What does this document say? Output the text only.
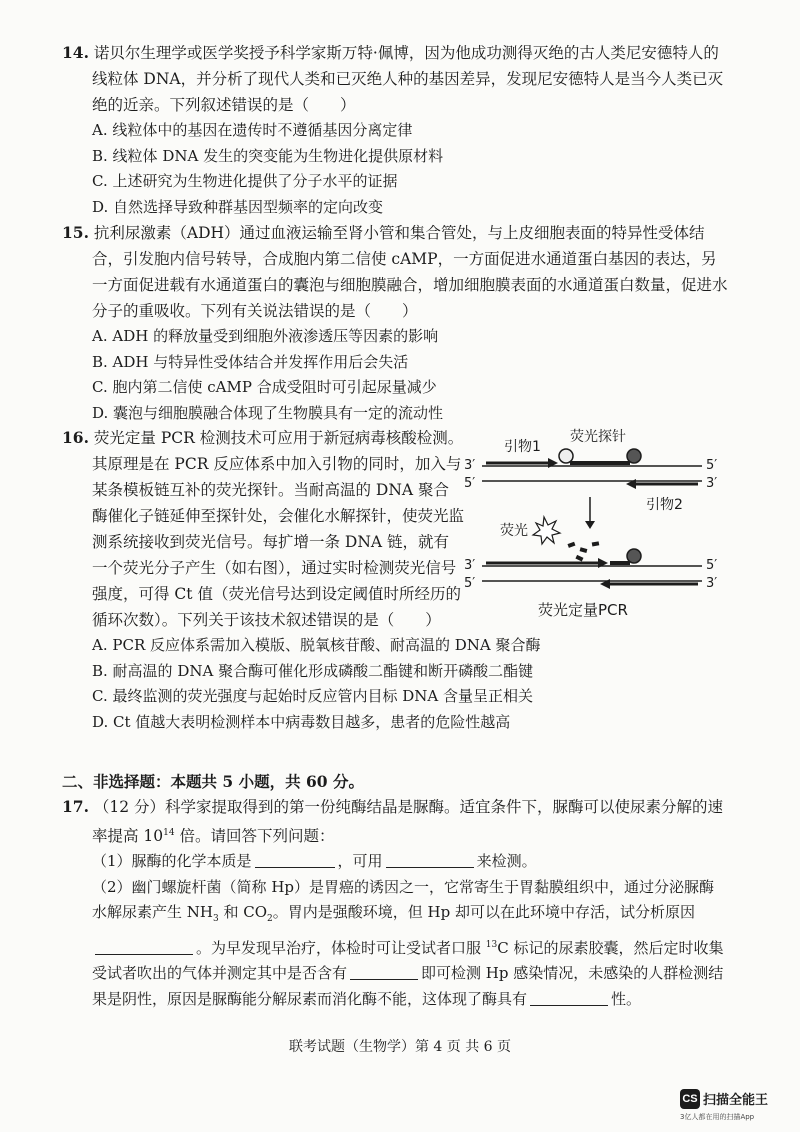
14. 诺贝尔生理学或医学奖授予科学家斯万特·佩博，因为他成功测得灭绝的古人类尼安德特人的线粒体 DNA，并分析了现代人类和已灭绝人种的基因差异，发现尼安德特人是当今人类已灭绝的近亲。下列叙述错误的是（　　）
A. 线粒体中的基因在遗传时不遵循基因分离定律
B. 线粒体 DNA 发生的突变能为生物进化提供原材料
C. 上述研究为生物进化提供了分子水平的证据
D. 自然选择导致种群基因型频率的定向改变
15. 抗利尿激素（ADH）通过血液运输至肾小管和集合管处，与上皮细胞表面的特异性受体结合，引发胞内信号转导，合成胞内第二信使 cAMP，一方面促进水通道蛋白基因的表达，另一方面促进载有水通道蛋白的囊泡与细胞膜融合，增加细胞膜表面的水通道蛋白数量，促进水分子的重吸收。下列有关说法错误的是（　　）
A. ADH 的释放量受到细胞外液渗透压等因素的影响
B. ADH 与特异性受体结合并发挥作用后会失活
C. 胞内第二信使 cAMP 合成受阻时可引起尿量减少
D. 囊泡与细胞膜融合体现了生物膜具有一定的流动性
16. 荧光定量 PCR 检测技术可应用于新冠病毒核酸检测。其原理是在 PCR 反应体系中加入引物的同时，加入与某条模板链互补的荧光探针。当耐高温的 DNA 聚合酶催化子链延伸至探针处，会催化水解探针，使荧光监测系统接收到荧光信号。每扩增一条 DNA 链，就有一个荧光分子产生（如右图），通过实时检测荧光信号强度，可得 Ct 值（荧光信号达到设定阈值时所经历的循环次数）。下列关于该技术叙述错误的是（　　）
A. PCR 反应体系需加入模版、脱氧核苷酸、耐高温的 DNA 聚合酶
B. 耐高温的 DNA 聚合酶可催化形成磷酸二酯键和断开磷酸二酯键
C. 最终监测的荧光强度与起始时反应管内目标 DNA 含量呈正相关
D. Ct 值越大表明检测样本中病毒数目越多，患者的危险性越高
引物1
荧光探针
3′	5′
5′	3′
引物2
荧光
3′	5′
5′	3′
荧光定量PCR
二、非选择题：本题共 5 小题，共 60 分。
17. （12 分）科学家提取得到的第一份纯酶结晶是脲酶。适宜条件下，脲酶可以使尿素分解的速率提高 $10^{14}$ 倍。请回答下列问题：
（1）脲酶的化学本质是	，可用	来检测。
（2）幽门螺旋杆菌（简称 Hp）是胃癌的诱因之一，它常寄生于胃黏膜组织中，通过分泌脲酶水解尿素产生 $NH_3$ 和 $CO_2$。胃内是强酸环境，但 Hp 却可以在此环境中存活，试分析原因。为早发现早治疗，体检时可让受试者口服 $^{13}$C 标记的尿素胶囊，然后定时收集受试者吹出的气体并测定其中是否含有	即可检测 Hp 感染情况，未感染的人群检测结果是阴性，原因是脲酶能分解尿素而消化酶不能，这体现了酶具有	性。
联考试题（生物学）第 4 页 共 6 页
CS 扫描全能王
3亿人都在用的扫描App
